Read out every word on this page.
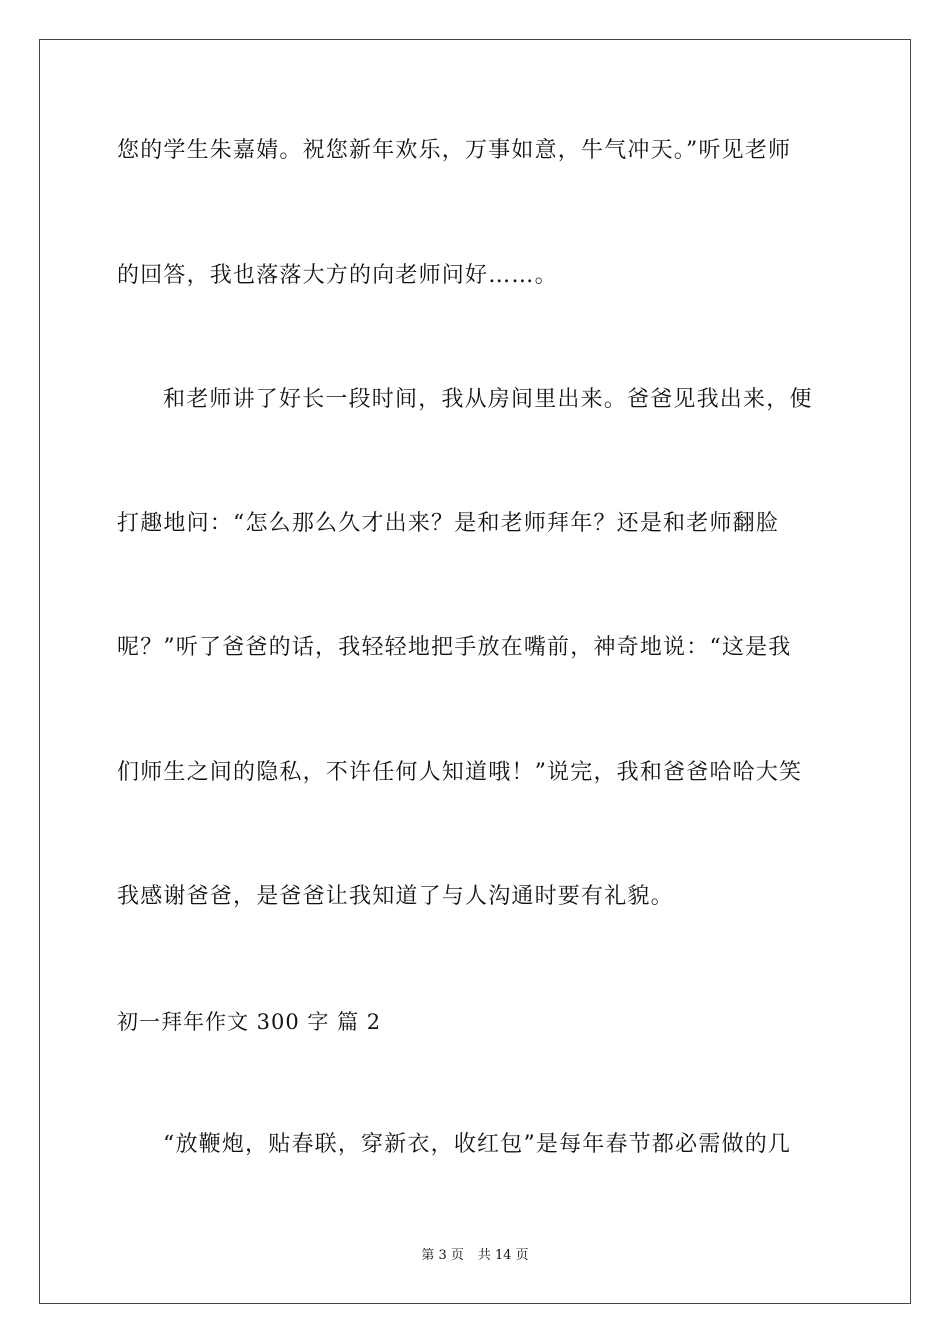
您的学生朱嘉婧。祝您新年欢乐，万事如意，牛气冲天。”听见老师
的回答，我也落落大方的向老师问好……。
和老师讲了好长一段时间，我从房间里出来。爸爸见我出来，便
打趣地问：“怎么那么久才出来？是和老师拜年？还是和老师翻脸
呢？”听了爸爸的话，我轻轻地把手放在嘴前，神奇地说：“这是我
们师生之间的隐私，不许任何人知道哦！”说完，我和爸爸哈哈大笑
我感谢爸爸，是爸爸让我知道了与人沟通时要有礼貌。
初一拜年作文 300 字 篇 2
“放鞭炮，贴春联，穿新衣，收红包”是每年春节都必需做的几
第 3 页 共 14 页
